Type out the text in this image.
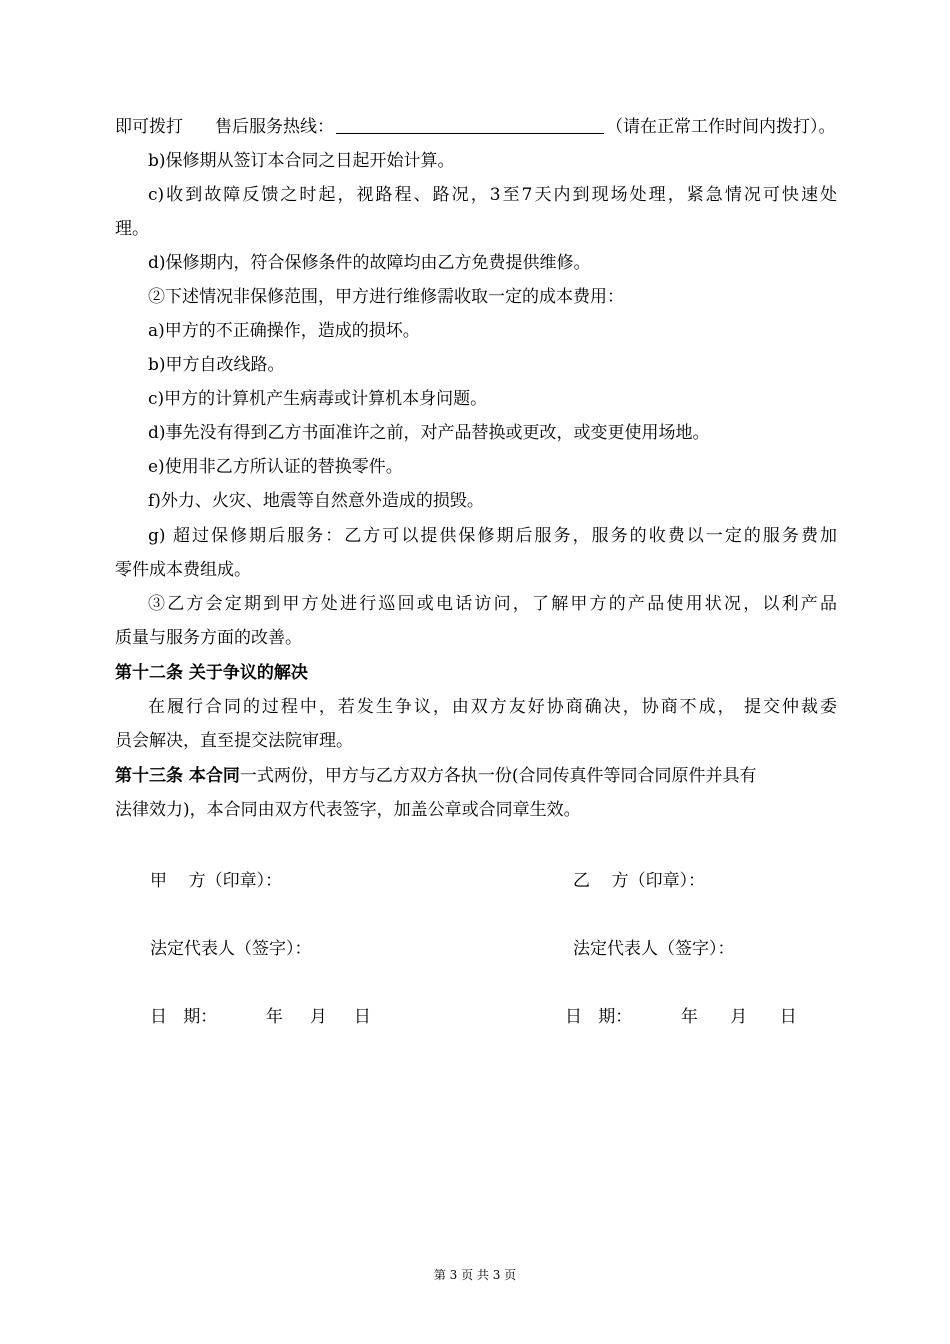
即可拨打 售后服务热线：	（请在正常工作时间内拨打）。
b)保修期从签订本合同之日起开始计算。
c)收到故障反馈之时起，视路程、路况，3至7天内到现场处理，紧急情况可快速处
理。
d)保修期内，符合保修条件的故障均由乙方免费提供维修。
②下述情况非保修范围，甲方进行维修需收取一定的成本费用：
a)甲方的不正确操作，造成的损坏。
b)甲方自改线路。
c)甲方的计算机产生病毒或计算机本身问题。
d)事先没有得到乙方书面准许之前，对产品替换或更改，或变更使用场地。
e)使用非乙方所认证的替换零件。
f)外力、火灾、地震等自然意外造成的损毁。
g) 超过保修期后服务：乙方可以提供保修期后服务，服务的收费以一定的服务费加
零件成本费组成。
③乙方会定期到甲方处进行巡回或电话访问，了解甲方的产品使用状况，以利产品
质量与服务方面的改善。
第十二条 关于争议的解决
在履行合同的过程中，若发生争议，由双方友好协商确决，协商不成， 提交仲裁委
员会解决，直至提交法院审理。
第十三条 本合同一式两份，甲方与乙方双方各执一份(合同传真件等同合同原件并具有
法律效力)，本合同由双方代表签字，加盖公章或合同章生效。
甲    方（印章）：	乙    方（印章）：
法定代表人（签字）：	法定代表人（签字）：
日   期：         年     月     日	日   期：         年      月      日
第 3 页 共 3 页
